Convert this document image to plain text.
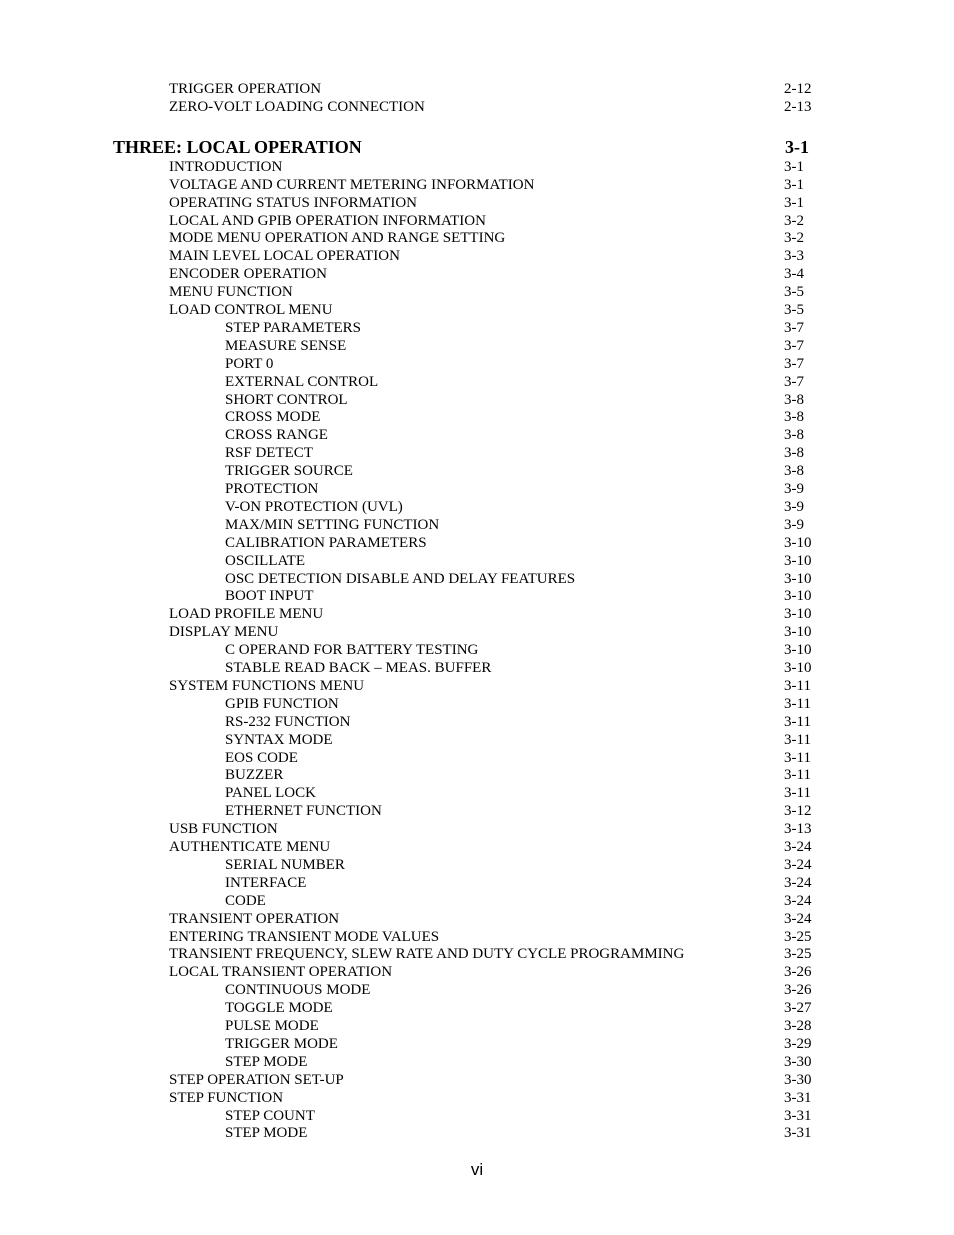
TRIGGER OPERATION	2-12
ZERO-VOLT LOADING CONNECTION	2-13
THREE: LOCAL OPERATION	3-1
INTRODUCTION	3-1
VOLTAGE AND CURRENT METERING INFORMATION	3-1
OPERATING STATUS INFORMATION	3-1
LOCAL AND GPIB OPERATION INFORMATION	3-2
MODE MENU OPERATION AND RANGE SETTING	3-2
MAIN LEVEL LOCAL OPERATION	3-3
ENCODER OPERATION	3-4
MENU FUNCTION	3-5
LOAD CONTROL MENU	3-5
STEP PARAMETERS	3-7
MEASURE SENSE	3-7
PORT 0	3-7
EXTERNAL CONTROL	3-7
SHORT CONTROL	3-8
CROSS MODE	3-8
CROSS RANGE	3-8
RSF DETECT	3-8
TRIGGER SOURCE	3-8
PROTECTION	3-9
V-ON PROTECTION (UVL)	3-9
MAX/MIN SETTING FUNCTION	3-9
CALIBRATION PARAMETERS	3-10
OSCILLATE	3-10
OSC DETECTION DISABLE AND DELAY FEATURES	3-10
BOOT INPUT	3-10
LOAD PROFILE MENU	3-10
DISPLAY MENU	3-10
C OPERAND FOR BATTERY TESTING	3-10
STABLE READ BACK – MEAS. BUFFER	3-10
SYSTEM FUNCTIONS MENU	3-11
GPIB FUNCTION	3-11
RS-232 FUNCTION	3-11
SYNTAX MODE	3-11
EOS CODE	3-11
BUZZER	3-11
PANEL LOCK	3-11
ETHERNET FUNCTION	3-12
USB FUNCTION	3-13
AUTHENTICATE MENU	3-24
SERIAL NUMBER	3-24
INTERFACE	3-24
CODE	3-24
TRANSIENT OPERATION	3-24
ENTERING TRANSIENT MODE VALUES	3-25
TRANSIENT FREQUENCY, SLEW RATE AND DUTY CYCLE PROGRAMMING	3-25
LOCAL TRANSIENT OPERATION	3-26
CONTINUOUS MODE	3-26
TOGGLE MODE	3-27
PULSE MODE	3-28
TRIGGER MODE	3-29
STEP MODE	3-30
STEP OPERATION SET-UP	3-30
STEP FUNCTION	3-31
STEP COUNT	3-31
STEP MODE	3-31
vi
